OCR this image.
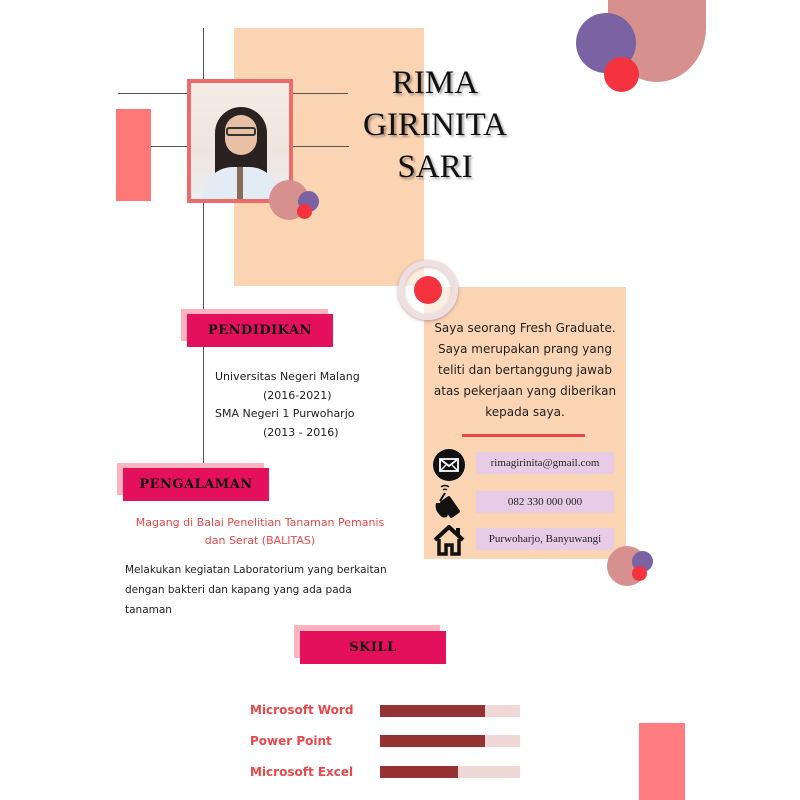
RIMA
GIRINITA
SARI
PENDIDIKAN
Universitas Negeri Malang
(2016-2021)
SMA Negeri 1 Purwoharjo
(2013 - 2016)
PENGALAMAN
Magang di Balai Penelitian Tanaman Pemanis dan Serat (BALITAS)
Melakukan kegiatan Laboratorium yang berkaitan dengan bakteri dan kapang yang ada pada tanaman
Saya seorang Fresh Graduate. Saya merupakan prang yang teliti dan bertanggung jawab atas pekerjaan yang diberikan kepada saya.
rimagirinita@gmail.com
082 330 000 000
Purwoharjo, Banyuwangi
SKILL
Microsoft Word
Power Point
Microsoft Excel
